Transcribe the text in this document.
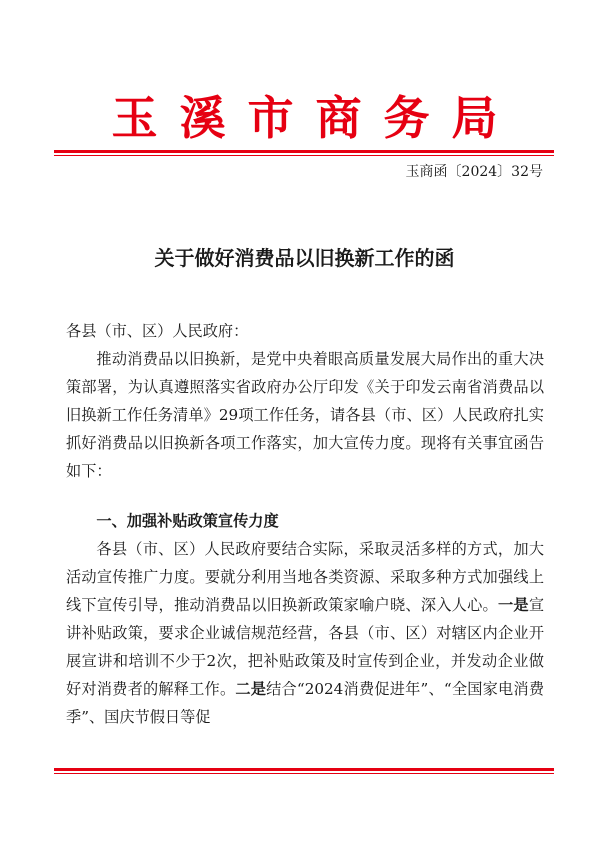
玉溪市商务局
玉商函〔2024〕32号
关于做好消费品以旧换新工作的函
各县（市、区）人民政府：
推动消费品以旧换新，是党中央着眼高质量发展大局作出的重大决策部署，为认真遵照落实省政府办公厅印发《关于印发云南省消费品以旧换新工作任务清单》29项工作任务，请各县（市、区）人民政府扎实抓好消费品以旧换新各项工作落实，加大宣传力度。现将有关事宜函告如下：
一、加强补贴政策宣传力度
各县（市、区）人民政府要结合实际，采取灵活多样的方式，加大活动宣传推广力度。要就分利用当地各类资源、采取多种方式加强线上线下宣传引导，推动消费品以旧换新政策家喻户晓、深入人心。一是宣讲补贴政策，要求企业诚信规范经营，各县（市、区）对辖区内企业开展宣讲和培训不少于2次，把补贴政策及时宣传到企业，并发动企业做好对消费者的解释工作。二是结合“2024消费促进年”、“全国家电消费季”、国庆节假日等促
